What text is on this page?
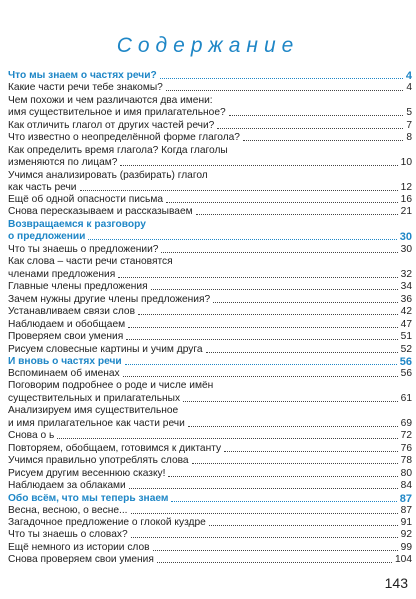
Содержание
Что мы знаем о частях речи?	4
Какие части речи тебе знакомы?	4
Чем похожи и чем различаются два имени:
имя существительное и имя прилагательное?	5
Как отличить глагол от других частей речи?	7
Что известно о неопределённой форме глагола?	8
Как определить время глагола? Когда глаголы
изменяются по лицам?	10
Учимся анализировать (разбирать) глагол
как часть речи	12
Ещё об одной опасности письма	16
Снова пересказываем и рассказываем	21
Возвращаемся к разговору
о предложении	30
Что ты знаешь о предложении?	30
Как слова – части речи становятся
членами предложения	32
Главные члены предложения	34
Зачем нужны другие члены предложения?	36
Устанавливаем связи слов	42
Наблюдаем и обобщаем	47
Проверяем свои умения	51
Рисуем словесные картины и учим друга	52
И вновь о частях речи	56
Вспоминаем об именах	56
Поговорим подробнее о роде и числе имён
существительных и прилагательных	61
Анализируем имя существительное
и имя прилагательное как части речи	69
Снова о ь	72
Повторяем, обобщаем, готовимся к диктанту	76
Учимся правильно употреблять слова	78
Рисуем другим весеннюю сказку!	80
Наблюдаем за облаками	84
Обо всём, что мы теперь знаем	87
Весна, весною, о весне...	87
Загадочное предложение о глокой куздре	91
Что ты знаешь о словах?	92
Ещё немного из истории слов	99
Снова проверяем свои умения	104
143
